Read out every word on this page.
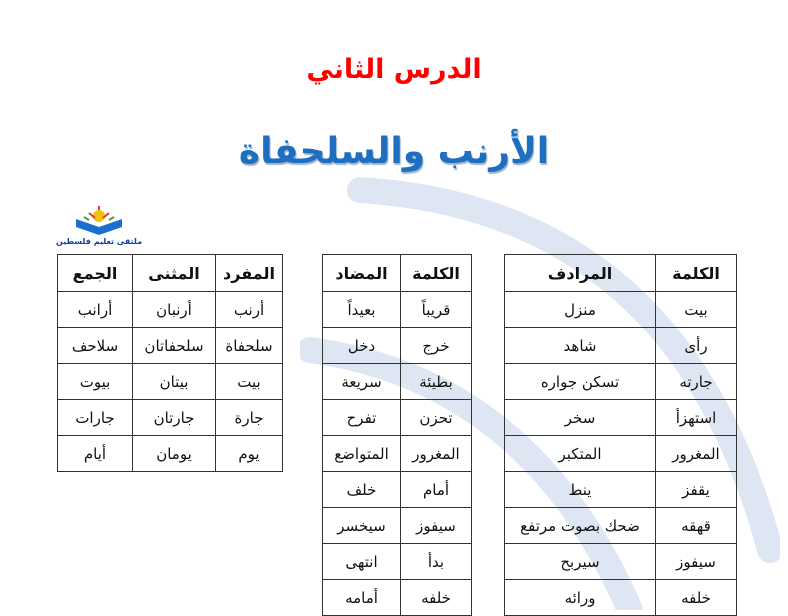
الدرس الثاني
الأرنب والسلحفاة
ملتقى تعليم فلسطين
الكلمة	المرادف
بيت	منزل
رأى	شاهد
جارته	تسكن جواره
استهزأ	سخر
المغرور	المتكبر
يقفز	ينط
قهقه	ضحك بصوت مرتفع
سيفوز	سيربح
خلفه	ورائه
الكلمة	المضاد
قريباً	بعيداً
خرج	دخل
بطيئة	سريعة
تحزن	تفرح
المغرور	المتواضع
أمام	خلف
سيفوز	سيخسر
بدأ	انتهى
خلفه	أمامه
المفرد	المثنى	الجمع
أرنب	أرنبان	أرانب
سلحفاة	سلحفاتان	سلاحف
بيت	بيتان	بيوت
جارة	جارتان	جارات
يوم	يومان	أيام
